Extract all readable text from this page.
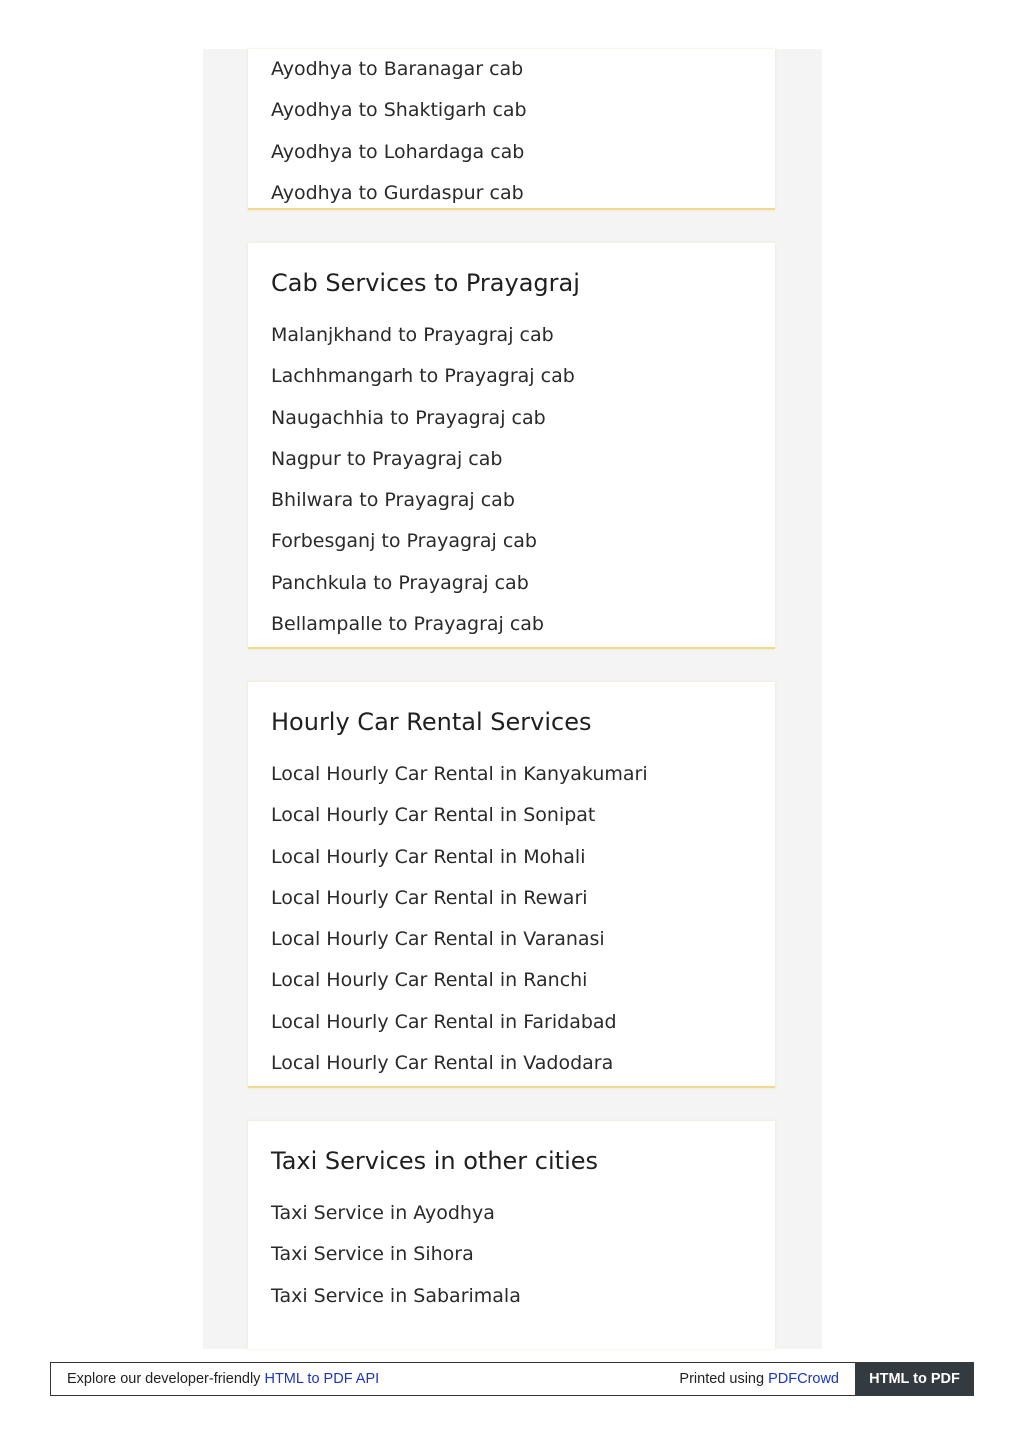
Ayodhya to Baranagar cab
Ayodhya to Shaktigarh cab
Ayodhya to Lohardaga cab
Ayodhya to Gurdaspur cab
Cab Services to Prayagraj
Malanjkhand to Prayagraj cab
Lachhmangarh to Prayagraj cab
Naugachhia to Prayagraj cab
Nagpur to Prayagraj cab
Bhilwara to Prayagraj cab
Forbesganj to Prayagraj cab
Panchkula to Prayagraj cab
Bellampalle to Prayagraj cab
Hourly Car Rental Services
Local Hourly Car Rental in Kanyakumari
Local Hourly Car Rental in Sonipat
Local Hourly Car Rental in Mohali
Local Hourly Car Rental in Rewari
Local Hourly Car Rental in Varanasi
Local Hourly Car Rental in Ranchi
Local Hourly Car Rental in Faridabad
Local Hourly Car Rental in Vadodara
Taxi Services in other cities
Taxi Service in Ayodhya
Taxi Service in Sihora
Taxi Service in Sabarimala
Explore our developer-friendly HTML to PDF API	Printed using PDFCrowd	HTML to PDF
